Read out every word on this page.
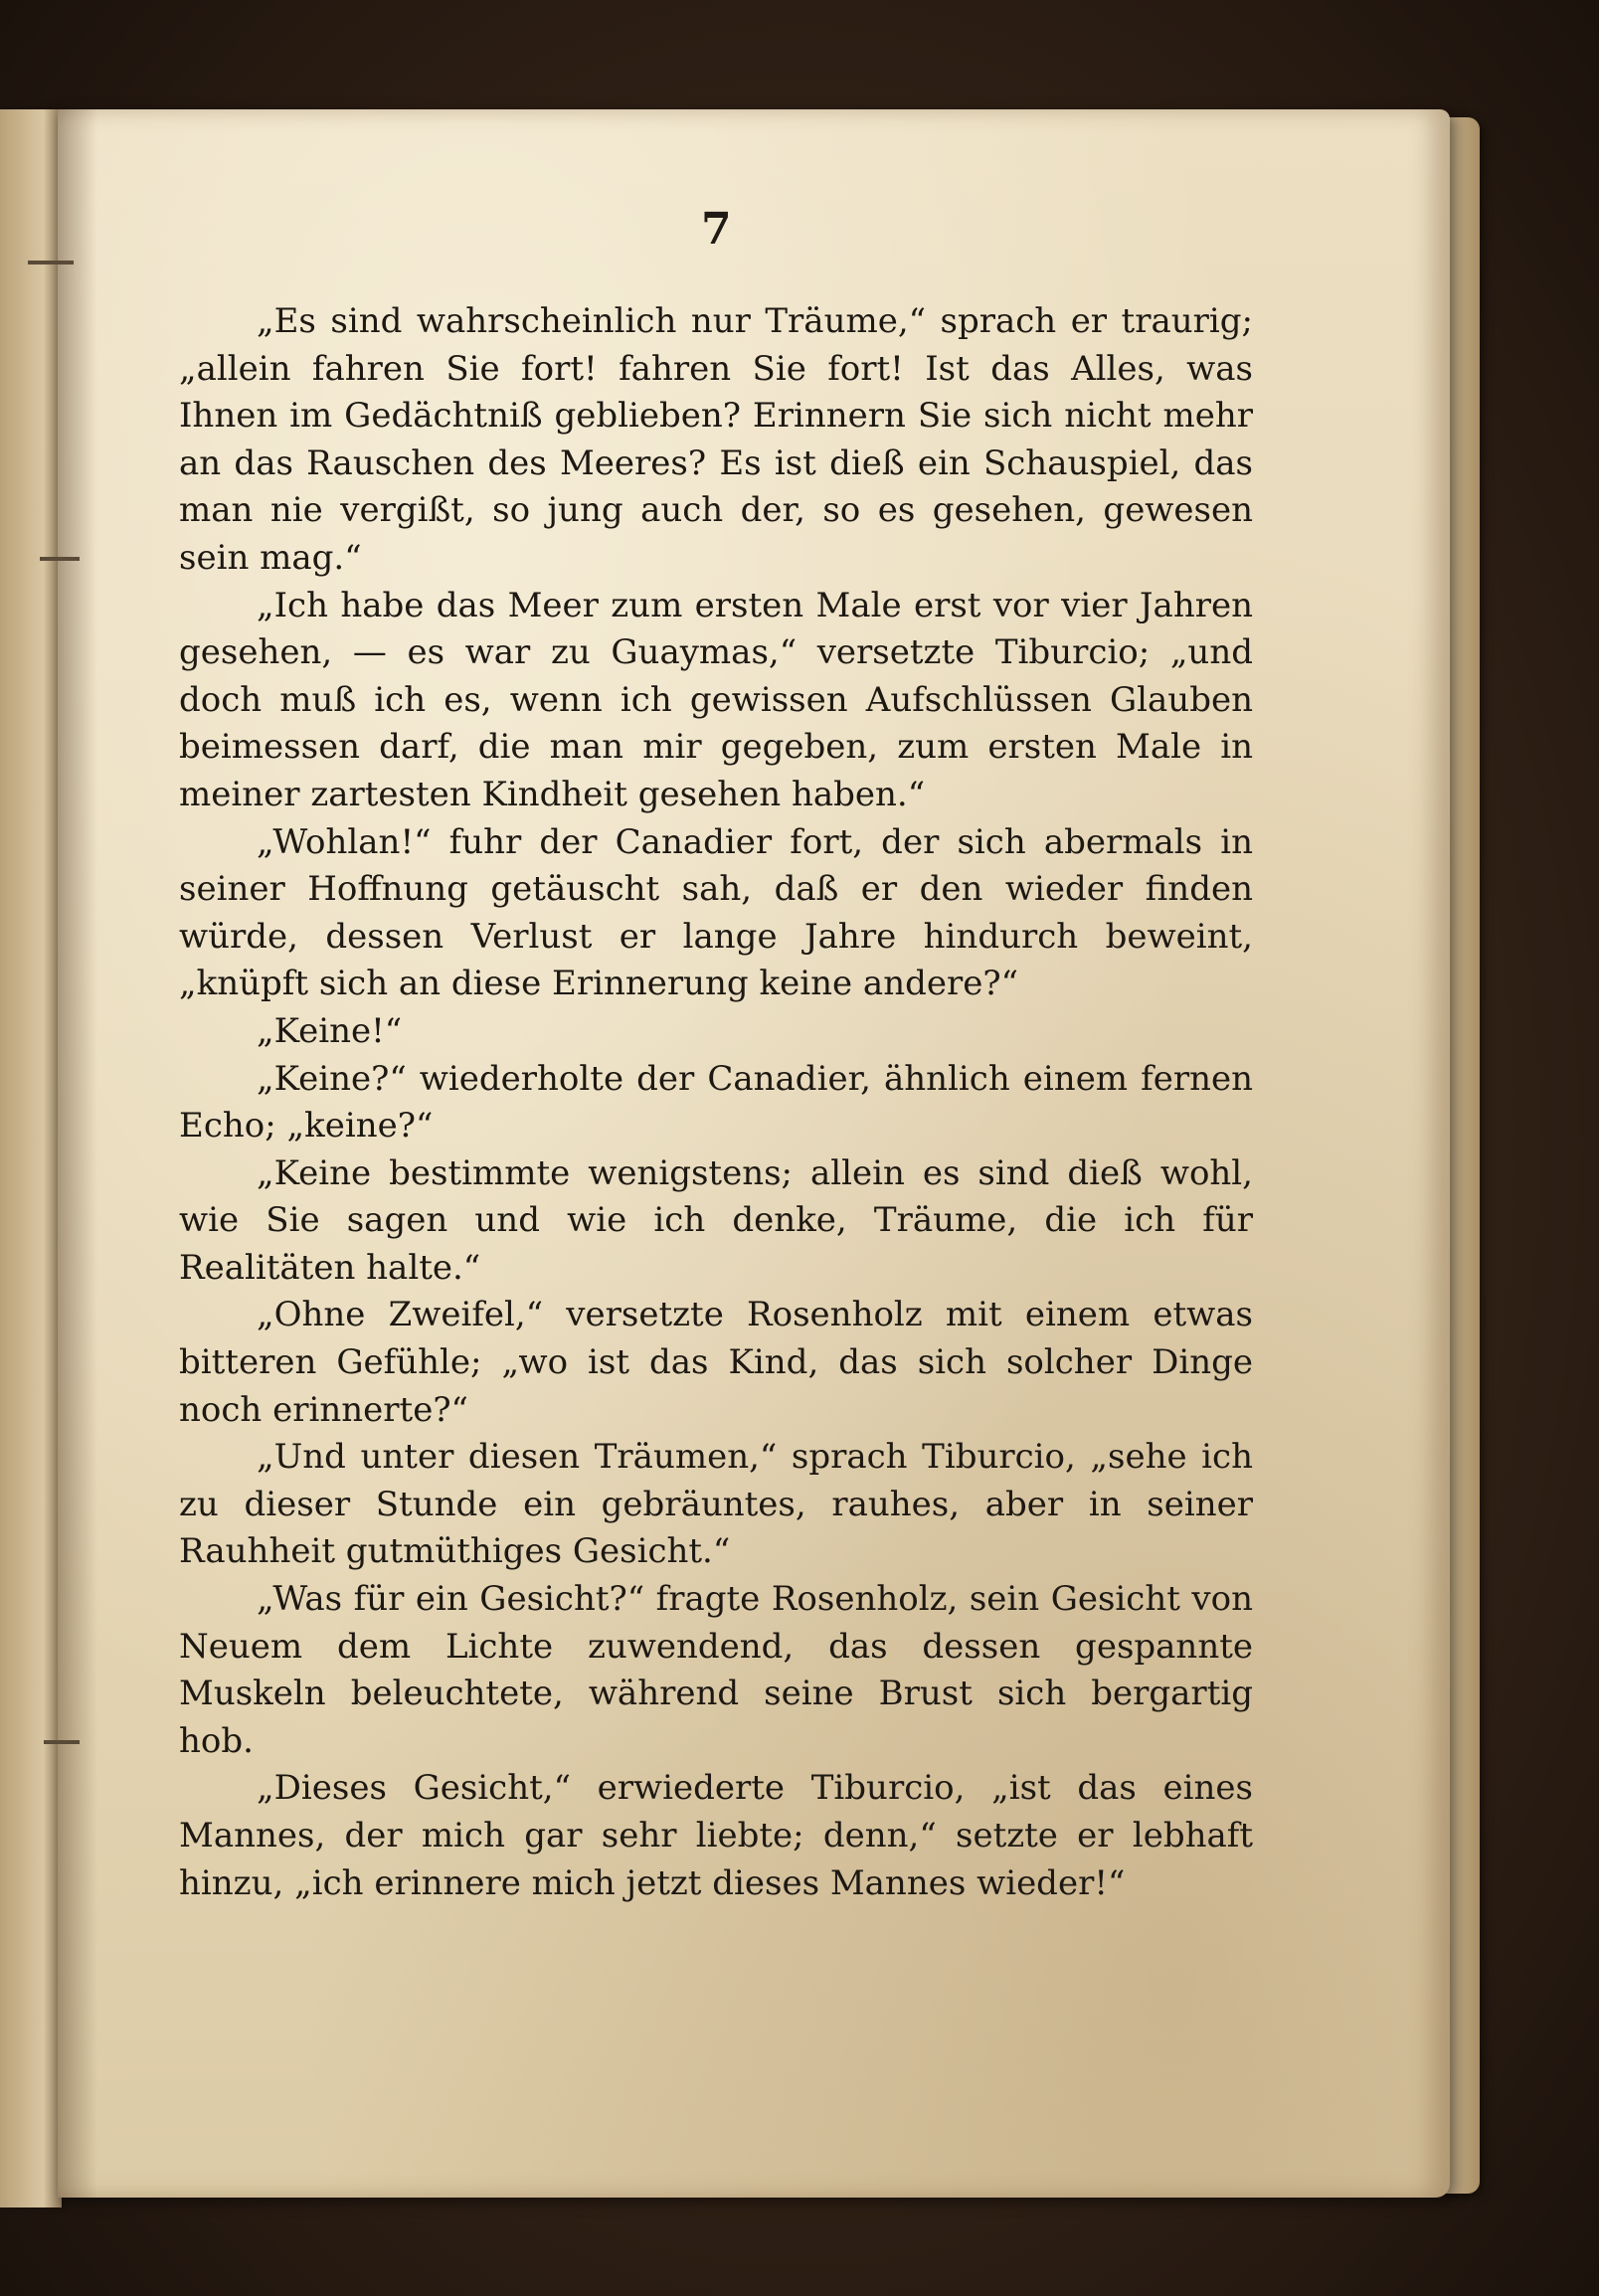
7

„Es sind wahrscheinlich nur Träume,“ sprach er traurig; „allein fahren Sie fort! fahren Sie fort! Ist das Alles, was Ihnen im Gedächtniß geblieben? Erinnern Sie sich nicht mehr an das Rauschen des Meeres? Es ist dieß ein Schauspiel, das man nie vergißt, so jung auch der, so es gesehen, gewesen sein mag.“

„Ich habe das Meer zum ersten Male erst vor vier Jahren gesehen, — es war zu Guaymas,“ versetzte Tiburcio; „und doch muß ich es, wenn ich gewissen Aufschlüssen Glauben beimessen darf, die man mir gegeben, zum ersten Male in meiner zartesten Kindheit gesehen haben.“

„Wohlan!“ fuhr der Canadier fort, der sich abermals in seiner Hoffnung getäuscht sah, daß er den wieder finden würde, dessen Verlust er lange Jahre hindurch beweint, „knüpft sich an diese Erinnerung keine andere?“

„Keine!“

„Keine?“ wiederholte der Canadier, ähnlich einem fernen Echo; „keine?“

„Keine bestimmte wenigstens; allein es sind dieß wohl, wie Sie sagen und wie ich denke, Träume, die ich für Realitäten halte.“

„Ohne Zweifel,“ versetzte Rosenholz mit einem etwas bitteren Gefühle; „wo ist das Kind, das sich solcher Dinge noch erinnerte?“

„Und unter diesen Träumen,“ sprach Tiburcio, „sehe ich zu dieser Stunde ein gebräuntes, rauhes, aber in seiner Rauhheit gutmüthiges Gesicht.“

„Was für ein Gesicht?“ fragte Rosenholz, sein Gesicht von Neuem dem Lichte zuwendend, das dessen gespannte Muskeln beleuchtete, während seine Brust sich bergartig hob.

„Dieses Gesicht,“ erwiederte Tiburcio, „ist das eines Mannes, der mich gar sehr liebte; denn,“ setzte er lebhaft hinzu, „ich erinnere mich jetzt dieses Mannes wieder!“
